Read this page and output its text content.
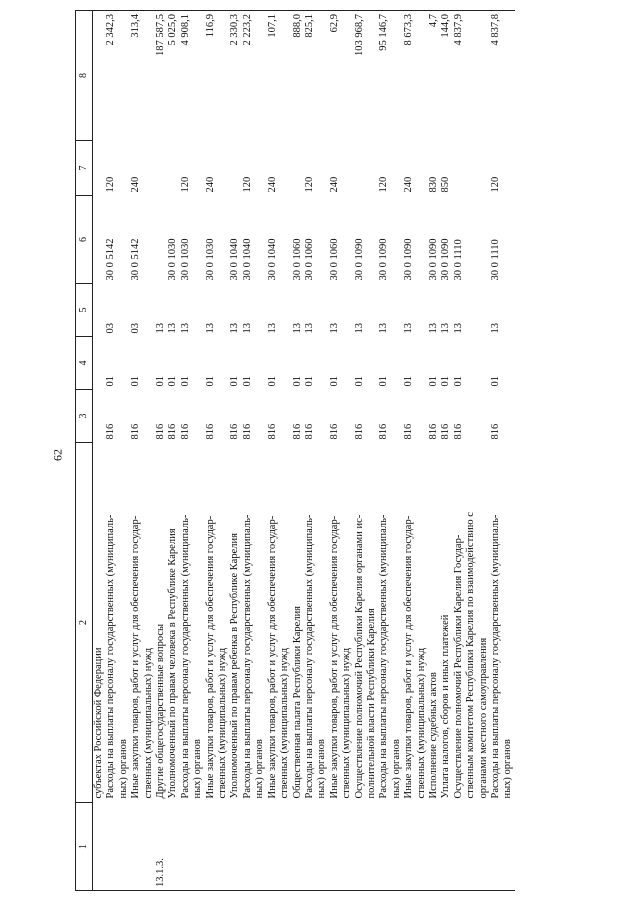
62
1	2	3	4	5	6	7	8
	субъектах Российской Федерации						
	Расходы на выплаты персоналу государственных (муниципаль-
ных) органов	816	01	03	30 0 5142	120	2 342,3
	Иные закупки товаров, работ и услуг для обеспечения государ-
ственных (муниципальных) нужд	816	01	03	30 0 5142	240	313,4
13.1.3.	Другие общегосударственные вопросы	816	01	13			187 587,5
	Уполномоченный по правам человека в Республике Карелия	816	01	13	30 0 1030		5 025,0
	Расходы на выплаты персоналу государственных (муниципаль-
ных) органов	816	01	13	30 0 1030	120	4 908,1
	Иные закупки товаров, работ и услуг для обеспечения государ-
ственных (муниципальных) нужд	816	01	13	30 0 1030	240	116,9
	Уполномоченный по правам ребенка в Республике Карелия	816	01	13	30 0 1040		2 330,3
	Расходы на выплаты персоналу государственных (муниципаль-
ных) органов	816	01	13	30 0 1040	120	2 223,2
	Иные закупки товаров, работ и услуг для обеспечения государ-
ственных (муниципальных) нужд	816	01	13	30 0 1040	240	107,1
	Общественная палата Республики Карелия	816	01	13	30 0 1060		888,0
	Расходы на выплаты персоналу государственных (муниципаль-
ных) органов	816	01	13	30 0 1060	120	825,1
	Иные закупки товаров, работ и услуг для обеспечения государ-
ственных (муниципальных) нужд	816	01	13	30 0 1060	240	62,9
	Осуществление полномочий Республики Карелия органами ис-
полнительной власти Республики Карелия	816	01	13	30 0 1090		103 968,7
	Расходы на выплаты персоналу государственных (муниципаль-
ных) органов	816	01	13	30 0 1090	120	95 146,7
	Иные закупки товаров, работ и услуг для обеспечения государ-
ственных (муниципальных) нужд	816	01	13	30 0 1090	240	8 673,3
	Исполнение судебных актов	816	01	13	30 0 1090	830	4,7
	Уплата налогов, сборов и иных платежей	816	01	13	30 0 1090	850	144,0
	Осуществление полномочий Республики Карелия Государ-
ственным комитетом Республики Карелия по взаимодействию с
органами местного самоуправления	816	01	13	30 0 1110		4 837,9
	Расходы на выплаты персоналу государственных (муниципаль-
ных) органов	816	01	13	30 0 1110	120	4 837,8
